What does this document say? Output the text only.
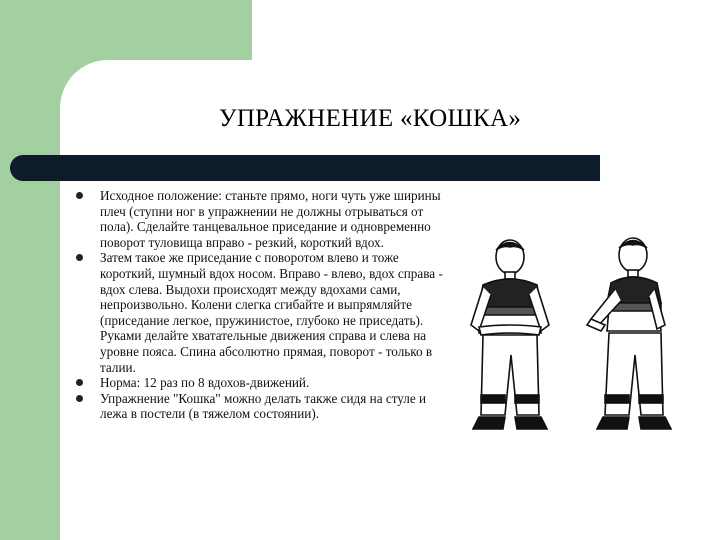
УПРАЖНЕНИЕ «КОШКА»
Исходное положение: станьте прямо, ноги чуть уже ширины плеч (ступни ног в упражнении не должны отрываться от пола). Сделайте танцевальное приседание и одновременно поворот туловища вправо - резкий, короткий вдох.
Затем такое же приседание с поворотом влево и тоже короткий, шумный вдох носом. Вправо - влево, вдох справа - вдох слева. Выдохи происходят между вдохами сами, непроизвольно. Колени слегка сгибайте и выпрямляйте (приседание легкое, пружинистое, глубоко не приседать). Руками делайте хватательные движения справа и слева на уровне пояса. Спина абсолютно прямая, поворот - только в талии.
Норма: 12 раз по 8 вдохов-движений.
Упражнение "Кошка" можно делать также сидя на стуле и лежа в постели (в тяжелом состоянии).
